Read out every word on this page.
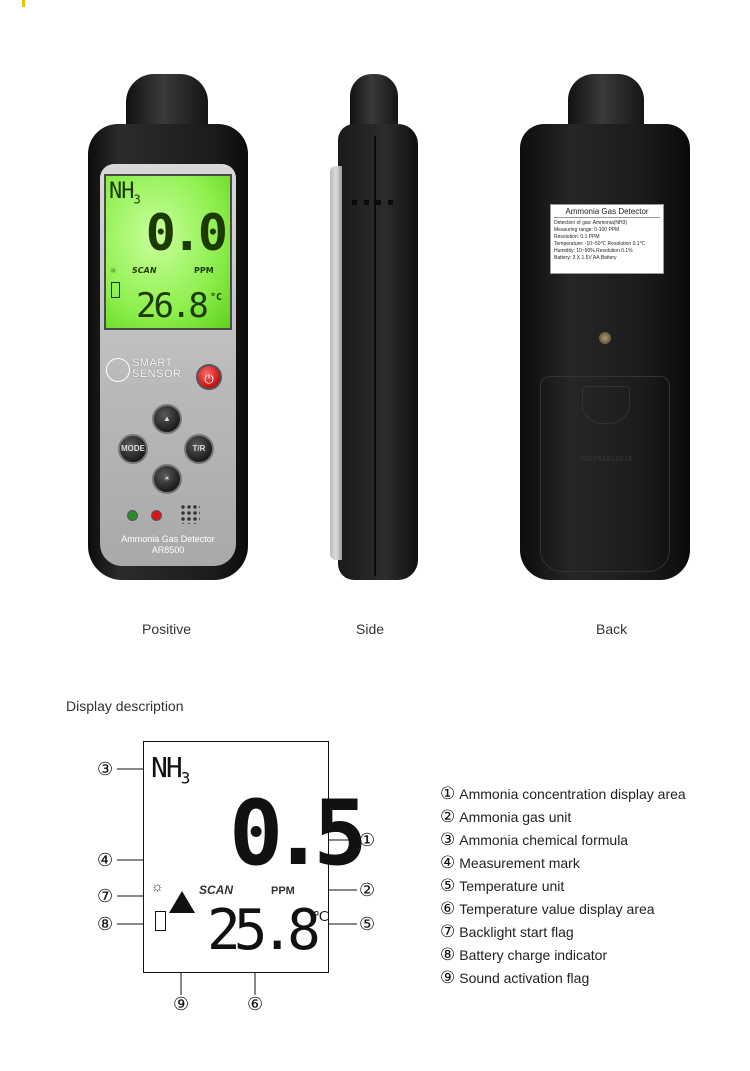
$NH_3$
0.0
☼ SCAN	PPM
26.8 °C
SMART
SENSOR	⏻
▲
MODE	T/R
☀
Ammonia Gas Detector
AR8500
Ammonia Gas Detector
Detection of gas: Ammonia(NH3)
Measuring range: 0-100 PPM
Resolution: 0.1 PPM
Temperature: -10~50℃ Resolution 0.1℃
Humidity: 10~90% Resolution 0.1%
Battery: 3 X 1.5V AA Battery
S01051512016
Positive	Side	Back
Display description
$NH_3$
0.5
☼	SCAN	PPM
25.8 ℃
③
④
⑦
⑧
①
②
⑤
⑨	⑥
① Ammonia concentration display area
② Ammonia gas unit
③ Ammonia chemical formula
④ Measurement mark
⑤ Temperature unit
⑥ Temperature value display area
⑦ Backlight start flag
⑧ Battery charge indicator
⑨ Sound activation flag
